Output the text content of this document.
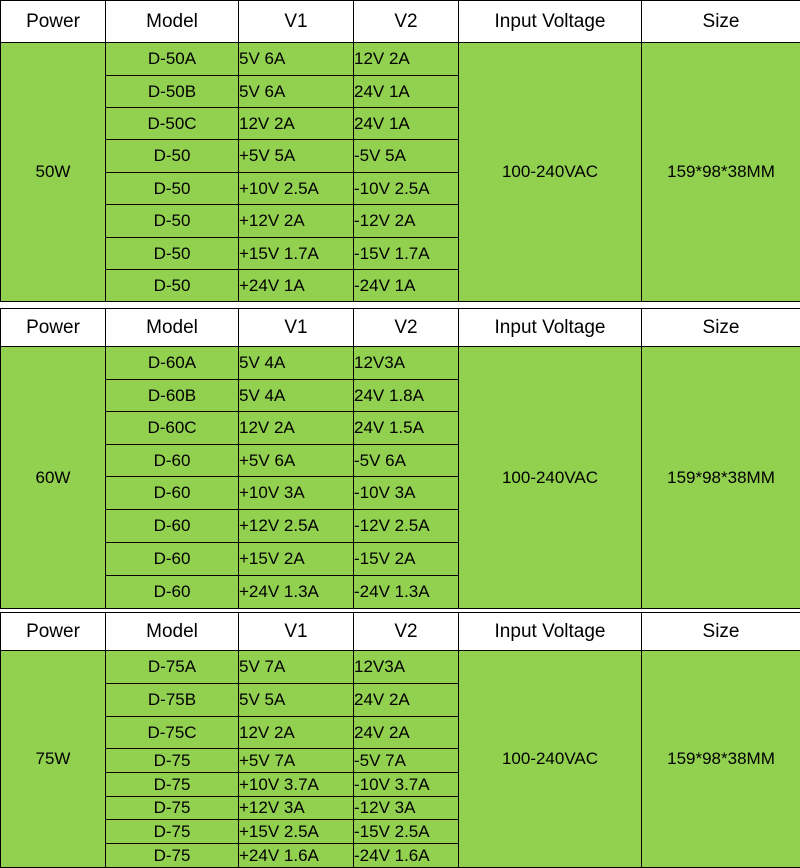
Power	Model	V1	V2	Input Voltage	Size
50W	D-50A	5V 6A	12V 2A	100-240VAC	159*98*38MM
	D-50B	5V 6A	24V 1A		
	D-50C	12V 2A	24V 1A		
	D-50	+5V 5A	-5V 5A		
	D-50	+10V 2.5A	-10V 2.5A		
	D-50	+12V 2A	-12V 2A		
	D-50	+15V 1.7A	-15V 1.7A		
	D-50	+24V 1A	-24V 1A		
Power	Model	V1	V2	Input Voltage	Size
60W	D-60A	5V 4A	12V3A	100-240VAC	159*98*38MM
	D-60B	5V 4A	24V 1.8A		
	D-60C	12V 2A	24V 1.5A		
	D-60	+5V 6A	-5V 6A		
	D-60	+10V 3A	-10V 3A		
	D-60	+12V 2.5A	-12V 2.5A		
	D-60	+15V 2A	-15V 2A		
	D-60	+24V 1.3A	-24V 1.3A		
Power	Model	V1	V2	Input Voltage	Size
75W	D-75A	5V 7A	12V3A	100-240VAC	159*98*38MM
	D-75B	5V 5A	24V 2A		
	D-75C	12V 2A	24V 2A		
	D-75	+5V 7A	-5V 7A		
	D-75	+10V 3.7A	-10V 3.7A		
	D-75	+12V 3A	-12V 3A		
	D-75	+15V 2.5A	-15V 2.5A		
	D-75	+24V 1.6A	-24V 1.6A		
